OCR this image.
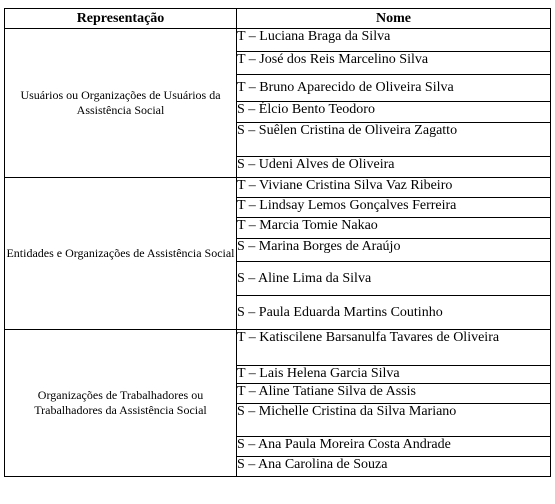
Representação	Nome
Usuários ou Organizações de Usuários da Assistência Social	T – Luciana Braga da Silva
	T – José dos Reis Marcelino Silva
	T – Bruno Aparecido de Oliveira Silva
	S – Élcio Bento Teodoro
	S – Suêlen Cristina de Oliveira Zagatto
	S – Udeni Alves de Oliveira
Entidades e Organizações de Assistência Social	T – Viviane Cristina Silva Vaz Ribeiro
	T – Lindsay Lemos Gonçalves Ferreira
	T – Marcia Tomie Nakao
	S – Marina Borges de Araújo
	S – Aline Lima da Silva
	S – Paula Eduarda Martins Coutinho
Organizações de Trabalhadores ou Trabalhadores da Assistência Social	T – Katiscilene Barsanulfa Tavares de Oliveira
	T – Lais Helena Garcia Silva
	T – Aline Tatiane Silva de Assis
	S – Michelle Cristina da Silva Mariano
	S – Ana Paula Moreira Costa Andrade
	S – Ana Carolina de Souza
